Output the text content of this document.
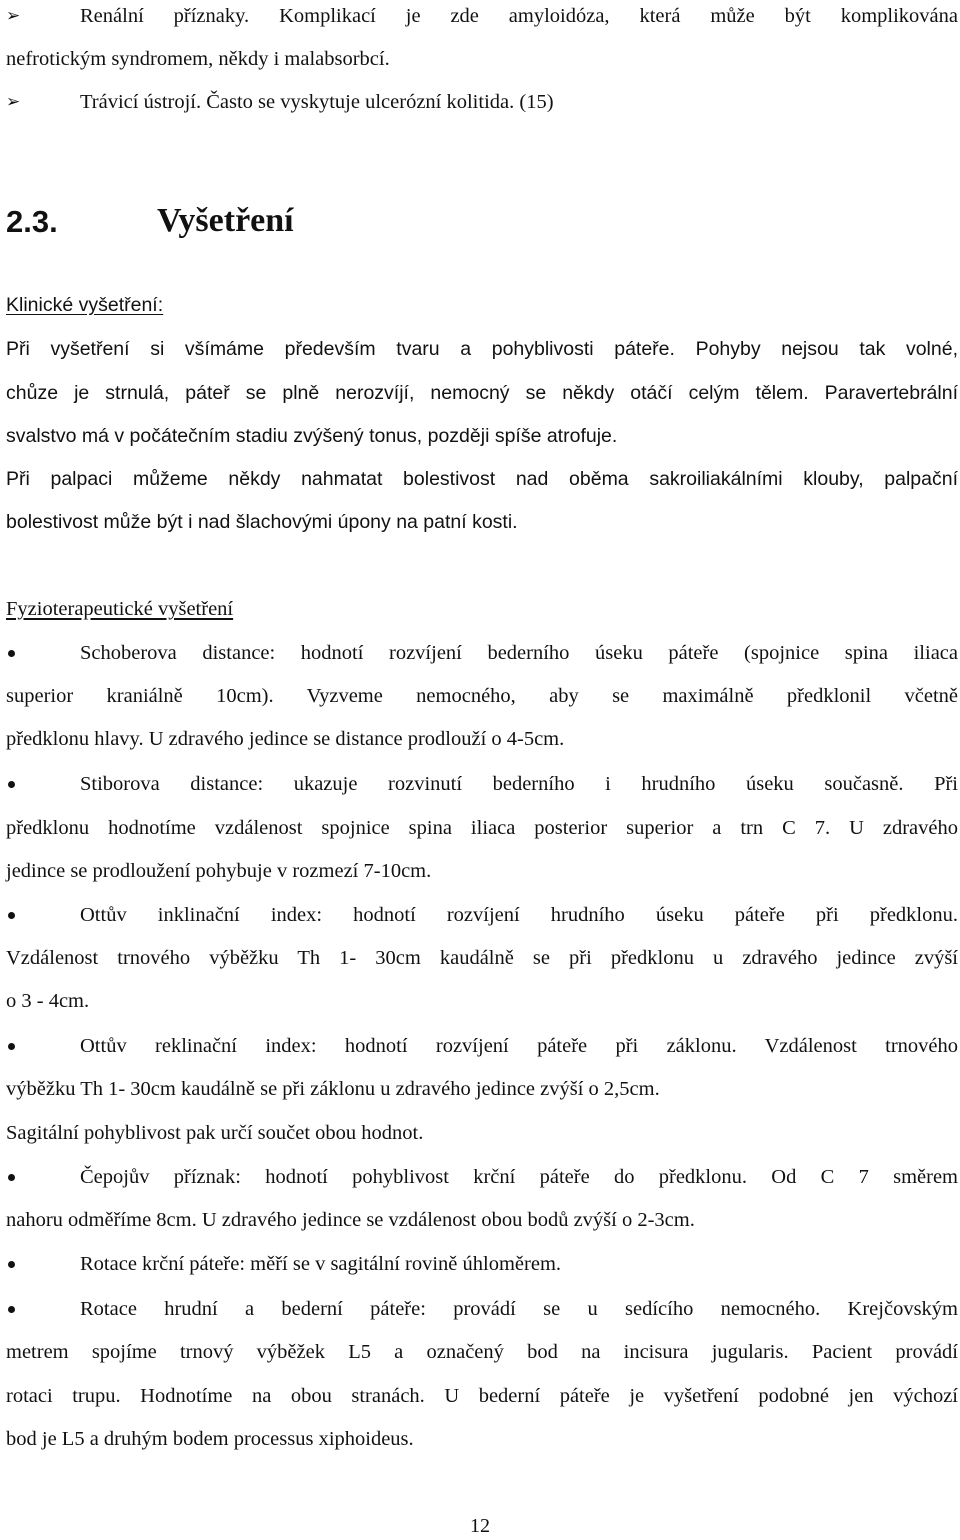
➢	Renální příznaky. Komplikací je zde amyloidóza, která může být komplikována
nefrotickým syndromem, někdy i malabsorbcí.
➢	Trávicí ústrojí. Často se vyskytuje ulcerózní kolitida. (15)
2.3.	Vyšetření
Klinické vyšetření:
Při vyšetření si všímáme především tvaru a pohyblivosti páteře. Pohyby nejsou tak volné,
chůze je strnulá, páteř se plně nerozvíjí, nemocný se někdy otáčí celým tělem. Paravertebrální
svalstvo má v počátečním stadiu zvýšený tonus, později spíše atrofuje.
Při palpaci můžeme někdy nahmatat bolestivost nad oběma sakroiliakálními klouby, palpační
bolestivost může být i nad šlachovými úpony na patní kosti.
Fyzioterapeutické vyšetření
Schoberova distance: hodnotí rozvíjení bederního úseku páteře (spojnice spina iliaca
superior kraniálně 10cm). Vyzveme nemocného, aby se maximálně předklonil včetně
předklonu hlavy. U zdravého jedince se distance prodlouží o 4-5cm.
Stiborova distance: ukazuje rozvinutí bederního i hrudního úseku současně. Při
předklonu hodnotíme vzdálenost spojnice spina iliaca posterior superior a trn C 7. U zdravého
jedince se prodloužení pohybuje v rozmezí 7-10cm.
Ottův inklinační index: hodnotí rozvíjení hrudního úseku páteře při předklonu.
Vzdálenost trnového výběžku Th 1- 30cm kaudálně se při předklonu u zdravého jedince zvýší
o 3 - 4cm.
Ottův reklinační index: hodnotí rozvíjení páteře při záklonu. Vzdálenost trnového
výběžku Th 1- 30cm kaudálně se při záklonu u zdravého jedince zvýší o 2,5cm.
Sagitální pohyblivost pak určí součet obou hodnot.
Čepojův příznak: hodnotí pohyblivost krční páteře do předklonu. Od C 7 směrem
nahoru odměříme 8cm. U zdravého jedince se vzdálenost obou bodů zvýší o 2-3cm.
Rotace krční páteře: měří se v sagitální rovině úhloměrem.
Rotace hrudní a bederní páteře: provádí se u sedícího nemocného. Krejčovským
metrem spojíme trnový výběžek L5 a označený bod na incisura jugularis. Pacient provádí
rotaci trupu. Hodnotíme na obou stranách. U bederní páteře je vyšetření podobné jen výchozí
bod je L5 a druhým bodem processus xiphoideus.
12
